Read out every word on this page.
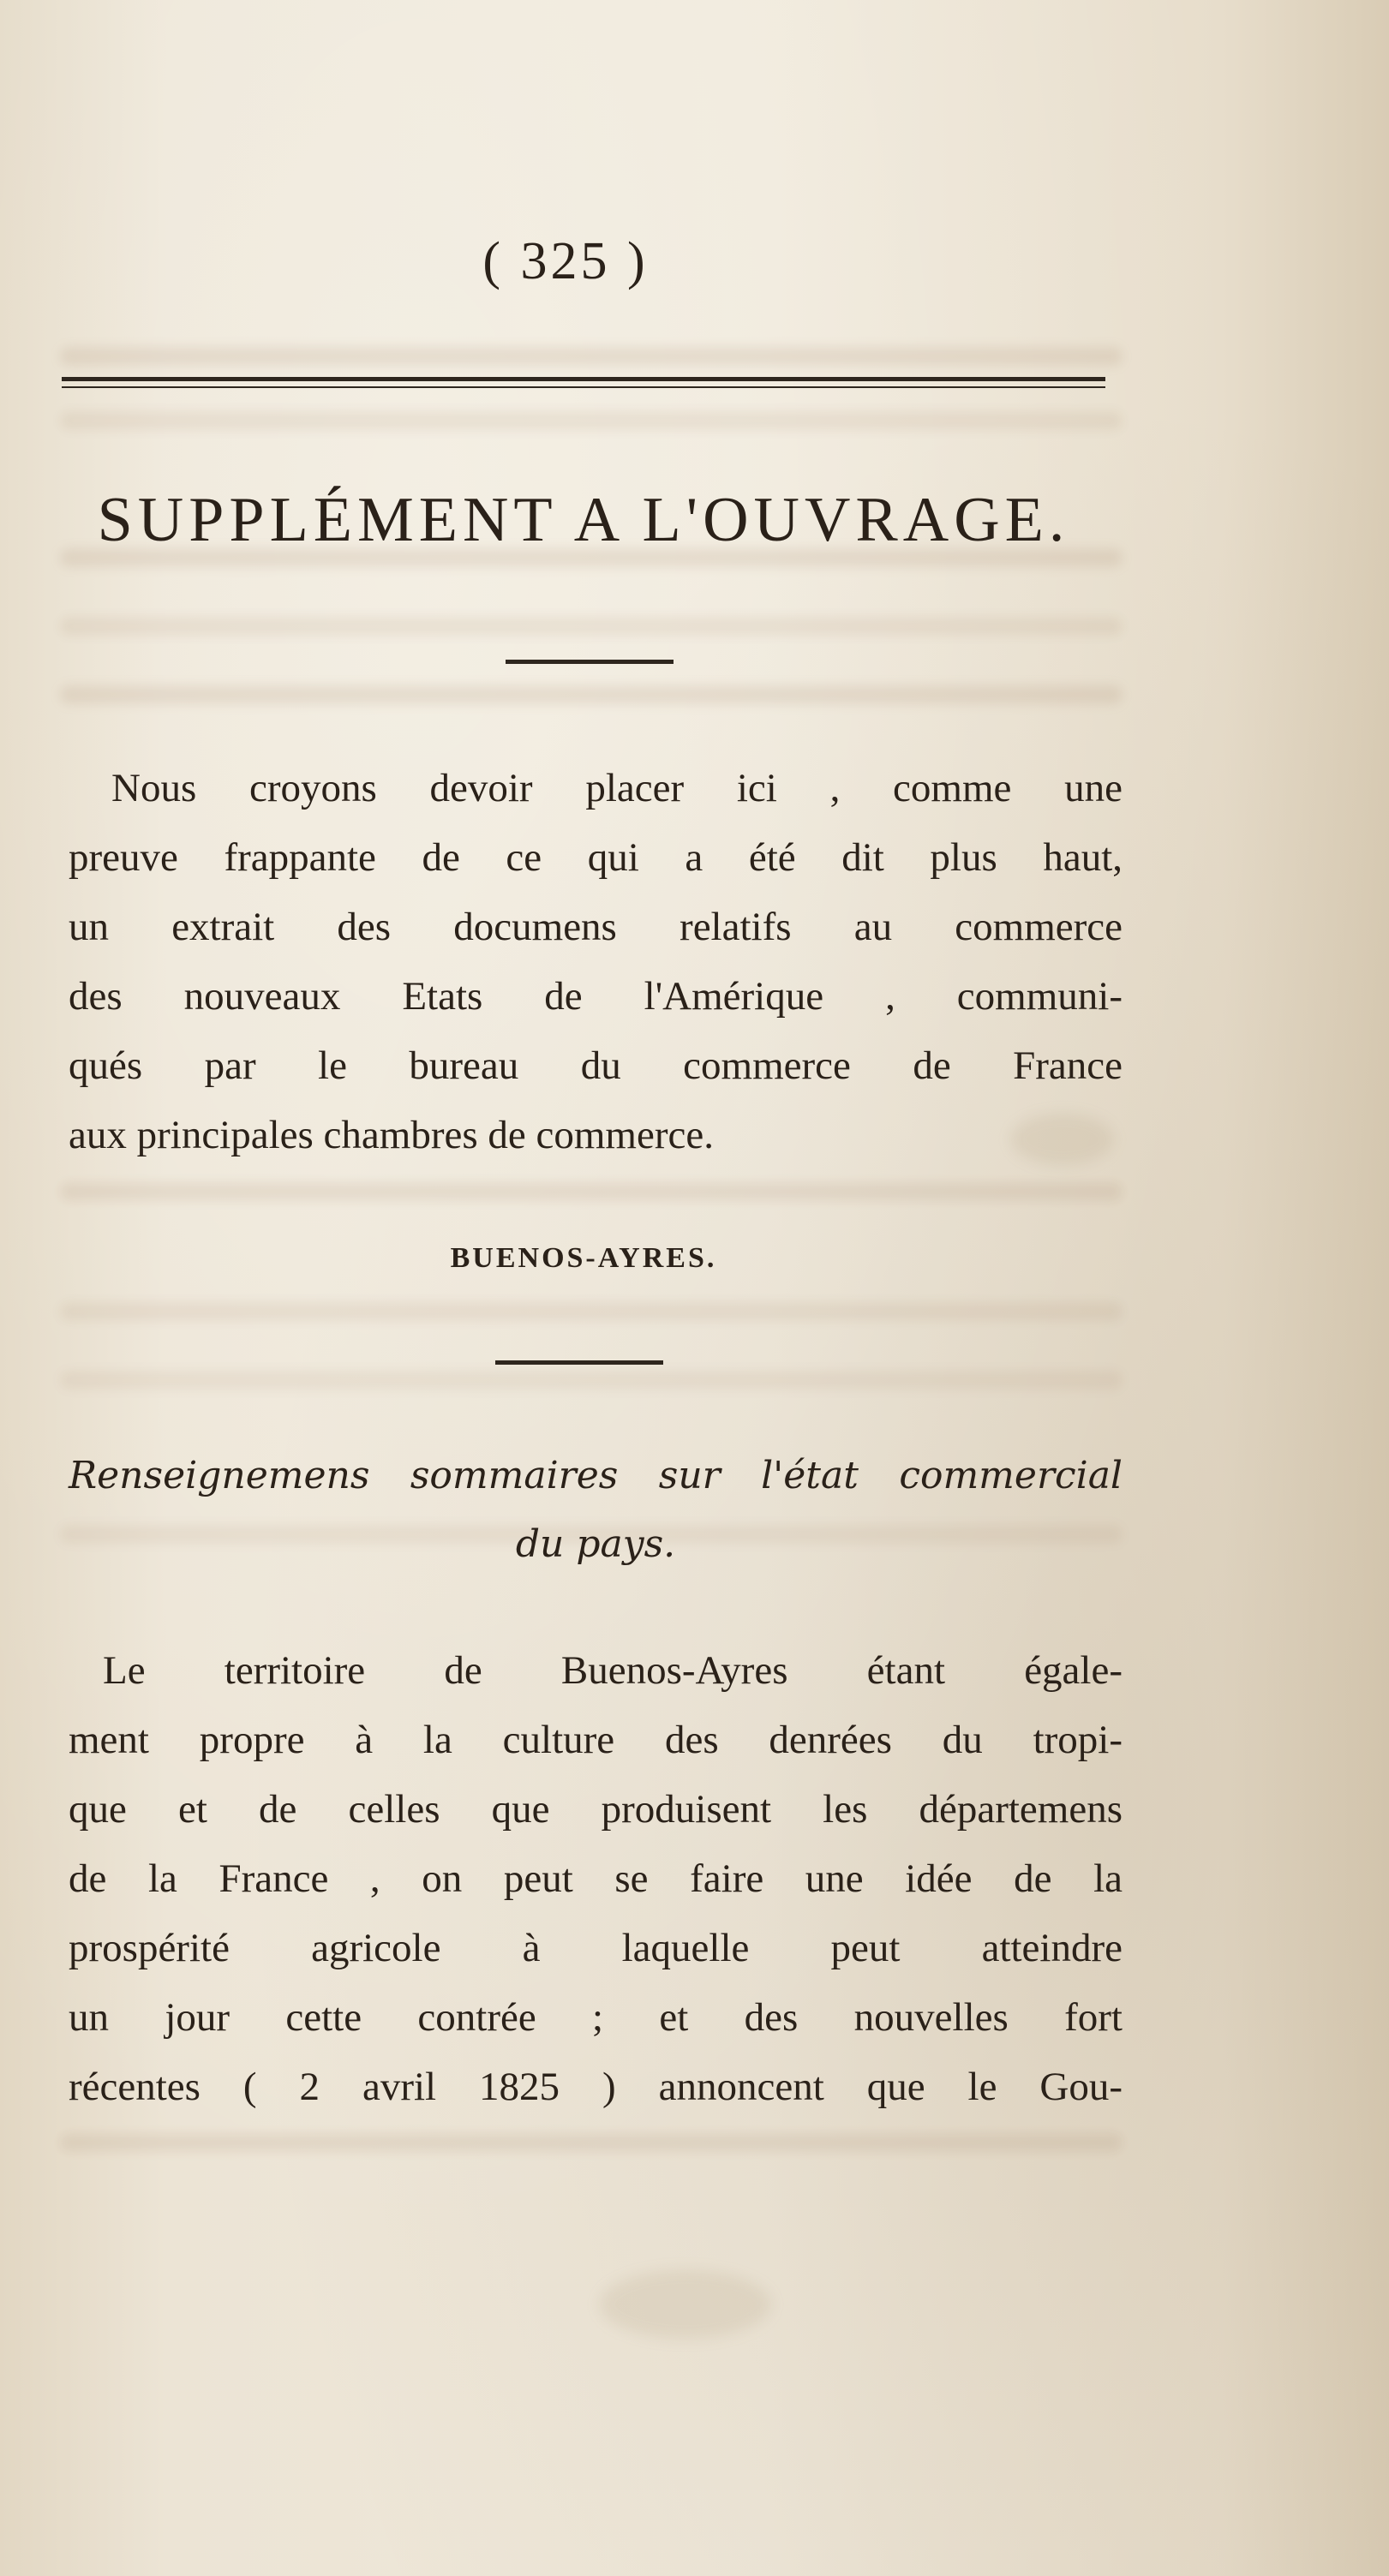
( 325 )
SUPPLÉMENT A L'OUVRAGE.
Nous croyons devoir placer ici , comme une
preuve frappante de ce qui a été dit plus haut,
un extrait des documens relatifs au commerce
des nouveaux Etats de l'Amérique , communi-
qués par le bureau du commerce de France
aux principales chambres de commerce.
BUENOS-AYRES.
Renseignemens sommaires sur l'état commercial
du pays.
Le territoire de Buenos-Ayres étant égale-
ment propre à la culture des denrées du tropi-
que et de celles que produisent les départemens
de la France , on peut se faire une idée de la
prospérité agricole à laquelle peut atteindre
un jour cette contrée ; et des nouvelles fort
récentes ( 2 avril 1825 ) annoncent que le Gou-
